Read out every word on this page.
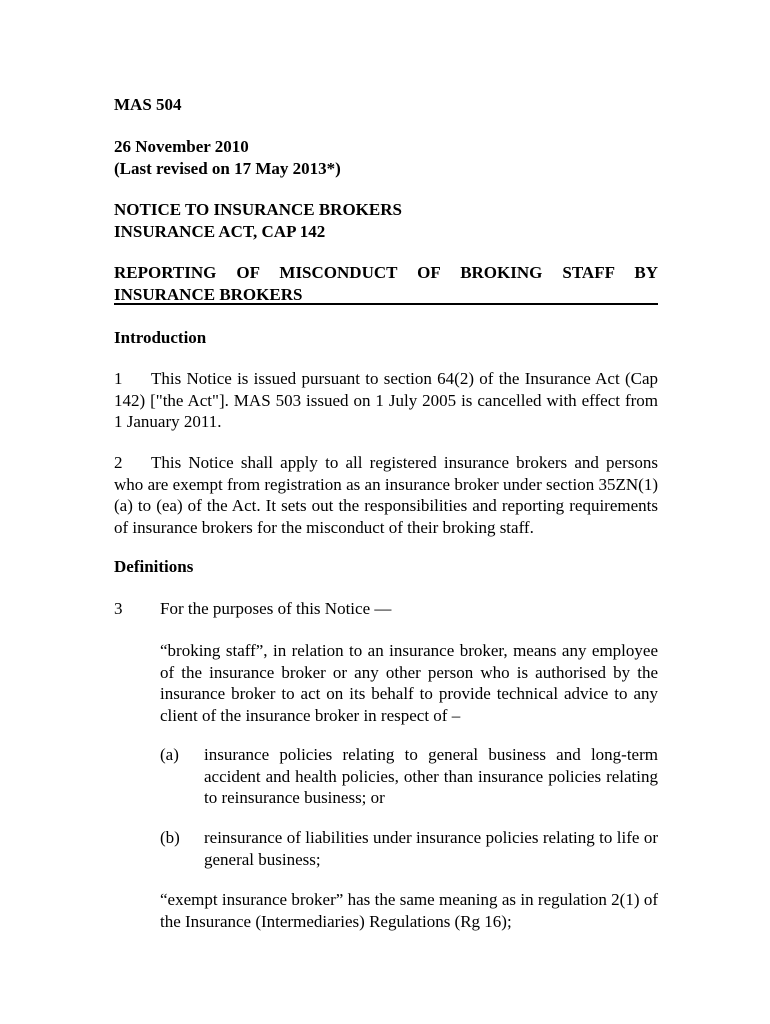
MAS 504
26 November 2010
(Last revised on 17 May 2013*)
NOTICE TO INSURANCE BROKERS
INSURANCE ACT, CAP 142
REPORTING OF MISCONDUCT OF BROKING STAFF BY
INSURANCE BROKERS
Introduction
1 This Notice is issued pursuant to section 64(2) of the Insurance Act (Cap 142) ["the Act"]. MAS 503 issued on 1 July 2005 is cancelled with effect from 1 January 2011.
2 This Notice shall apply to all registered insurance brokers and persons who are exempt from registration as an insurance broker under section 35ZN(1)(a) to (ea) of the Act. It sets out the responsibilities and reporting requirements of insurance brokers for the misconduct of their broking staff.
Definitions
3 For the purposes of this Notice —
“broking staff”, in relation to an insurance broker, means any employee of the insurance broker or any other person who is authorised by the insurance broker to act on its behalf to provide technical advice to any client of the insurance broker in respect of –
(a) insurance policies relating to general business and long-term accident and health policies, other than insurance policies relating to reinsurance business; or
(b) reinsurance of liabilities under insurance policies relating to life or general business;
“exempt insurance broker” has the same meaning as in regulation 2(1) of the Insurance (Intermediaries) Regulations (Rg 16);
